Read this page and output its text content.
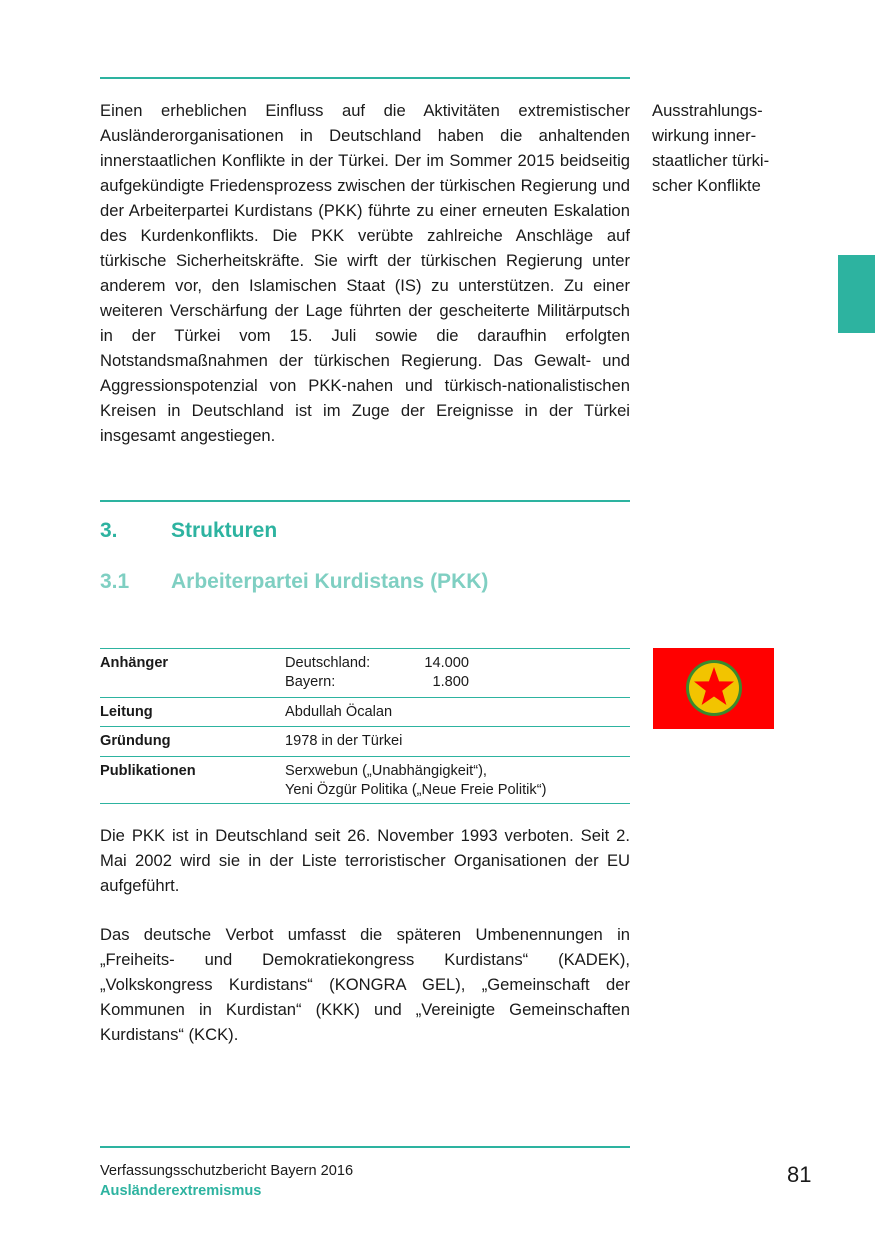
Einen erheblichen Einfluss auf die Aktivitäten extremistischer Ausländerorganisationen in Deutschland haben die anhaltenden innerstaatlichen Konflikte in der Türkei. Der im Sommer 2015 beidseitig aufgekündigte Friedensprozess zwischen der türkischen Regierung und der Arbeiterpartei Kurdistans (PKK) führte zu einer erneuten Eskalation des Kurdenkonflikts. Die PKK verübte zahlreiche Anschläge auf türkische Sicherheitskräfte. Sie wirft der türkischen Regierung unter anderem vor, den Islamischen Staat (IS) zu unterstützen. Zu einer weiteren Verschärfung der Lage führten der gescheiterte Militärputsch in der Türkei vom 15. Juli sowie die daraufhin erfolgten Notstandsmaßnahmen der türkischen Regierung. Das Gewalt- und Aggressionspotenzial von PKK-nahen und türkisch-nationalistischen Kreisen in Deutschland ist im Zuge der Ereignisse in der Türkei insgesamt angestiegen.

Ausstrahlungs-
wirkung inner-
staatlicher türki-
scher Konflikte
3.	Strukturen
3.1 Arbeiterpartei Kurdistans (PKK)
Anhänger	Deutschland:	14.000
Bayern:	1.800
Leitung	Abdullah Öcalan
Gründung	1978 in der Türkei
Publikationen	Serxwebun („Unabhängigkeit“),
Yeni Özgür Politika („Neue Freie Politik“)

Die PKK ist in Deutschland seit 26. November 1993 verboten. Seit 2. Mai 2002 wird sie in der Liste terroristischer Organisationen der EU aufgeführt.

Das deutsche Verbot umfasst die späteren Umbenennungen in „Freiheits- und Demokratiekongress Kurdistans“ (KADEK), „Volkskongress Kurdistans“ (KONGRA GEL), „Gemeinschaft der Kommunen in Kurdistan“ (KKK) und „Vereinigte Gemeinschaften Kurdistans“ (KCK).

Verfassungsschutzbericht Bayern 2016
Ausländerextremismus
81
